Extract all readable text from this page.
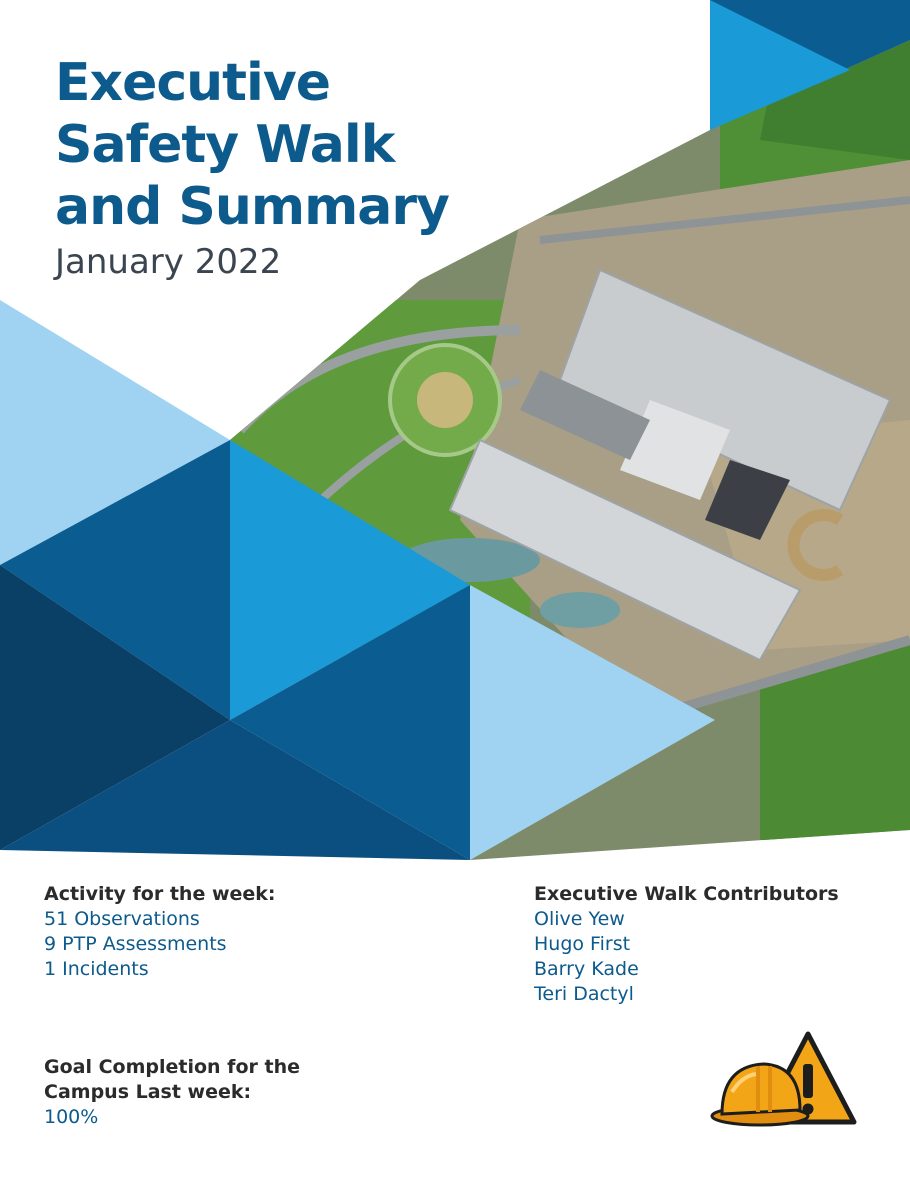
Executive
Safety Walk
and Summary

January 2022

Activity for the week:
51 Observations
9 PTP Assessments
1 Incidents
Executive Walk Contributors
Olive Yew
Hugo First
Barry Kade
Teri Dactyl
Goal Completion for the Campus Last week:
100%
